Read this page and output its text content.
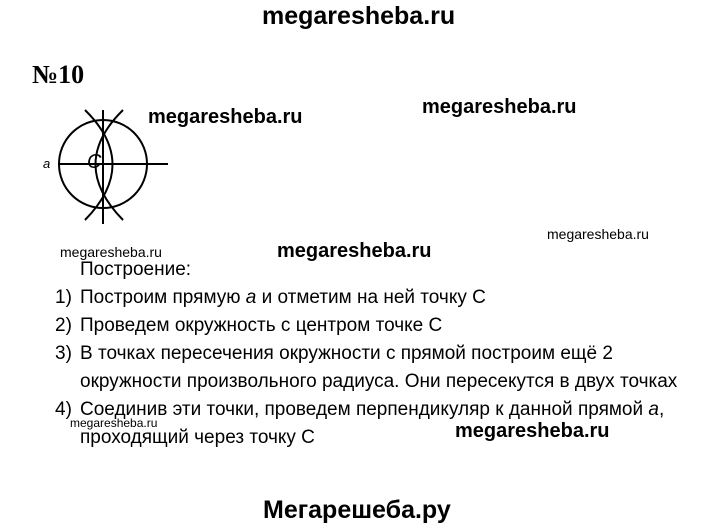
megaresheba.ru
№10
a C
megaresheba.ru	megaresheba.ru
megaresheba.ru
megaresheba.ru	megaresheba.ru
megaresheba.ru	megaresheba.ru
Построение:
1) Построим прямую a и отметим на ней точку С
2) Проведем окружность с центром точке С
3) В точках пересечения окружности с прямой построим ещё 2
окружности произвольного радиуса. Они пересекутся в двух точках
4) Соединив эти точки, проведем перпендикуляр к данной прямой a,
проходящий через точку С
Мегарешеба.ру
